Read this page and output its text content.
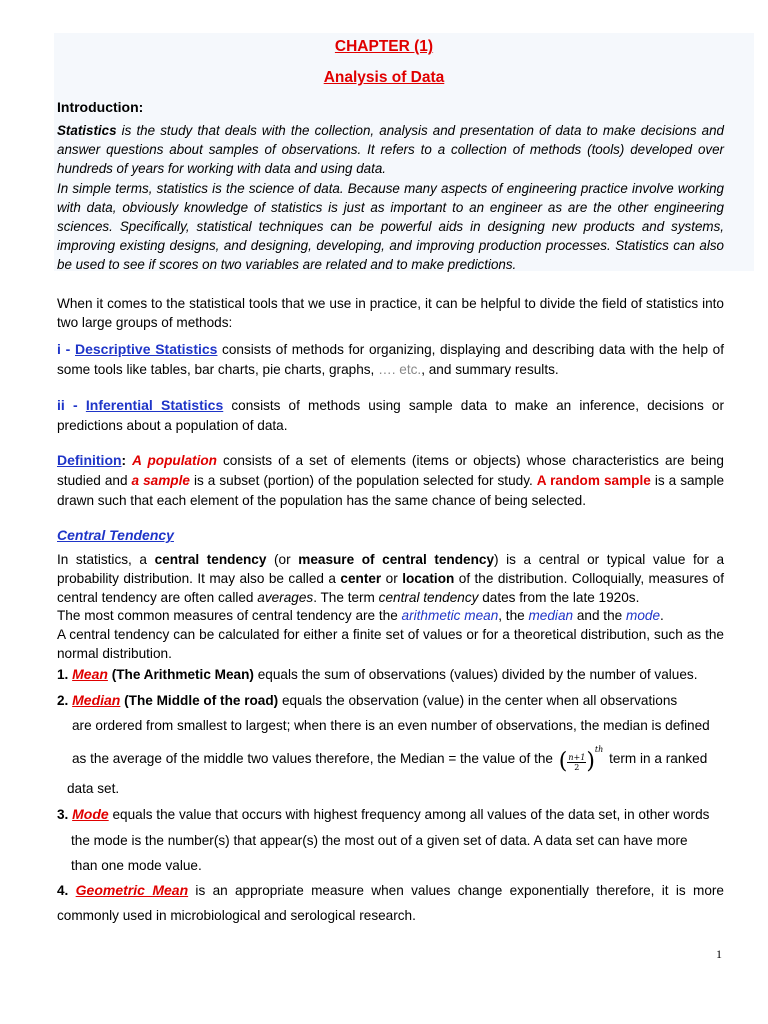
CHAPTER (1)
Analysis of Data
Introduction:
Statistics is the study that deals with the collection, analysis and presentation of data to make decisions and answer questions about samples of observations. It refers to a collection of methods (tools) developed over hundreds of years for working with data and using data.
In simple terms, statistics is the science of data. Because many aspects of engineering practice involve working with data, obviously knowledge of statistics is just as important to an engineer as are the other engineering sciences. Specifically, statistical techniques can be powerful aids in designing new products and systems, improving existing designs, and designing, developing, and improving production processes. Statistics can also be used to see if scores on two variables are related and to make predictions.
When it comes to the statistical tools that we use in practice, it can be helpful to divide the field of statistics into two large groups of methods:
i - Descriptive Statistics consists of methods for organizing, displaying and describing data with the help of some tools like tables, bar charts, pie charts, graphs, …. etc., and summary results.
ii - Inferential Statistics consists of methods using sample data to make an inference, decisions or predictions about a population of data.
Definition: A population consists of a set of elements (items or objects) whose characteristics are being studied and a sample is a subset (portion) of the population selected for study. A random sample is a sample drawn such that each element of the population has the same chance of being selected.
Central Tendency
In statistics, a central tendency (or measure of central tendency) is a central or typical value for a probability distribution. It may also be called a center or location of the distribution. Colloquially, measures of central tendency are often called averages. The term central tendency dates from the late 1920s.
The most common measures of central tendency are the arithmetic mean, the median and the mode.
A central tendency can be calculated for either a finite set of values or for a theoretical distribution, such as the normal distribution.
1. Mean (The Arithmetic Mean) equals the sum of observations (values) divided by the number of values.
2. Median (The Middle of the road) equals the observation (value) in the center when all observations
are ordered from smallest to largest; when there is an even number of observations, the median is defined
as the average of the middle two values therefore, the Median = the value of the ( $\frac{n+1}{2} )^{th}$ term in a ranked
data set.
3. Mode equals the value that occurs with highest frequency among all values of the data set, in other words
the mode is the number(s) that appear(s) the most out of a given set of data. A data set can have more
than one mode value.
4. Geometric Mean is an appropriate measure when values change exponentially therefore, it is more
commonly used in microbiological and serological research.
1
